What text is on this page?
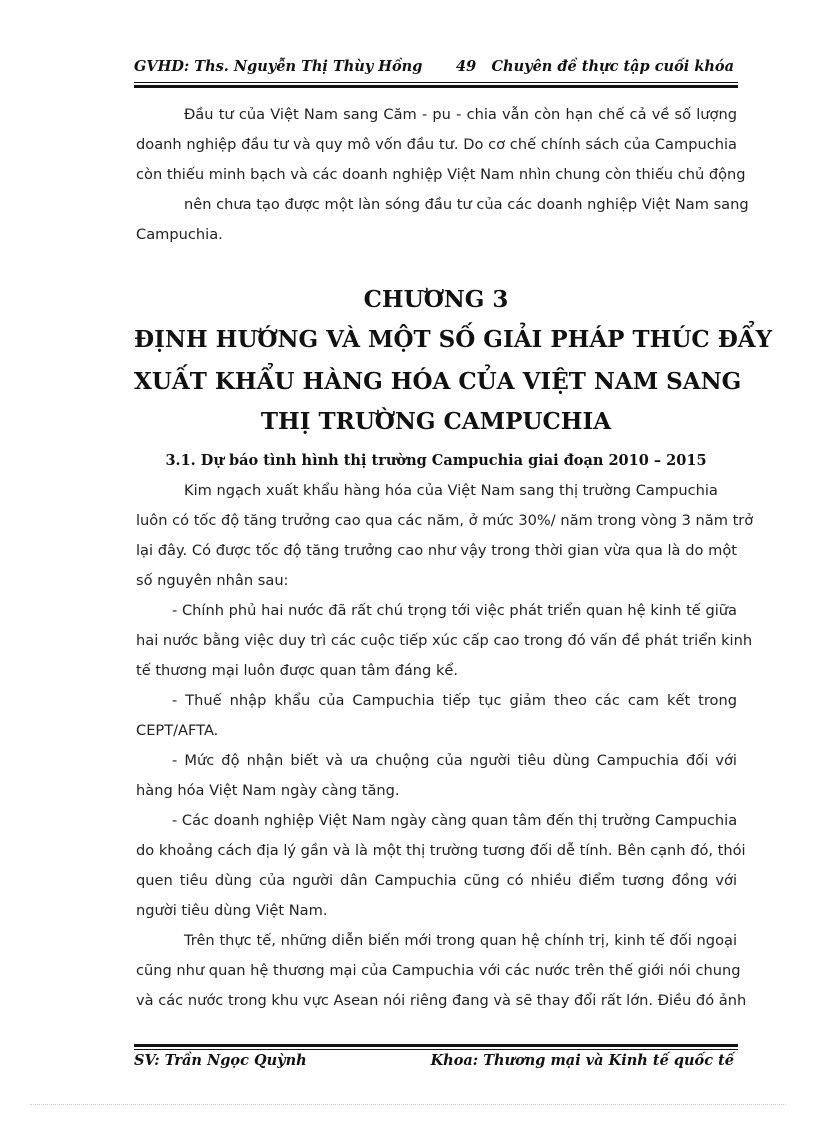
GVHD: Ths. Nguyễn Thị Thùy Hồng 49 Chuyên đề thực tập cuối khóa
Đầu tư của Việt Nam sang Căm - pu - chia vẫn còn hạn chế cả về số lượng
doanh nghiệp đầu tư và quy mô vốn đầu tư. Do cơ chế chính sách của Campuchia
còn thiếu minh bạch và các doanh nghiệp Việt Nam nhìn chung còn thiếu chủ động
nên chưa tạo được một làn sóng đầu tư của các doanh nghiệp Việt Nam sang
Campuchia.
CHƯƠNG 3
ĐỊNH HƯỚNG VÀ MỘT SỐ GIẢI PHÁP THÚC ĐẨY
XUẤT KHẨU HÀNG HÓA CỦA VIỆT NAM SANG
THỊ TRƯỜNG CAMPUCHIA
3.1. Dự báo tình hình thị trường Campuchia giai đoạn 2010 – 2015
Kim ngạch xuất khẩu hàng hóa của Việt Nam sang thị trường Campuchia
luôn có tốc độ tăng trưởng cao qua các năm, ở mức 30%/ năm trong vòng 3 năm trở
lại đây. Có được tốc độ tăng trưởng cao như vậy trong thời gian vừa qua là do một
số nguyên nhân sau:
- Chính phủ hai nước đã rất chú trọng tới việc phát triển quan hệ kinh tế giữa
hai nước bằng việc duy trì các cuộc tiếp xúc cấp cao trong đó vấn đề phát triển kinh
tế thương mại luôn được quan tâm đáng kể.
- Thuế nhập khẩu của Campuchia tiếp tục giảm theo các cam kết trong
CEPT/AFTA.
- Mức độ nhận biết và ưa chuộng của người tiêu dùng Campuchia đối với
hàng hóa Việt Nam ngày càng tăng.
- Các doanh nghiệp Việt Nam ngày càng quan tâm đến thị trường Campuchia
do khoảng cách địa lý gần và là một thị trường tương đối dễ tính. Bên cạnh đó, thói
quen tiêu dùng của người dân Campuchia cũng có nhiều điểm tương đồng với
người tiêu dùng Việt Nam.
Trên thực tế, những diễn biến mới trong quan hệ chính trị, kinh tế đối ngoại
cũng như quan hệ thương mại của Campuchia với các nước trên thế giới nói chung
và các nước trong khu vực Asean nói riêng đang và sẽ thay đổi rất lớn. Điều đó ảnh
SV: Trần Ngọc Quỳnh	Khoa: Thương mại và Kinh tế quốc tế
